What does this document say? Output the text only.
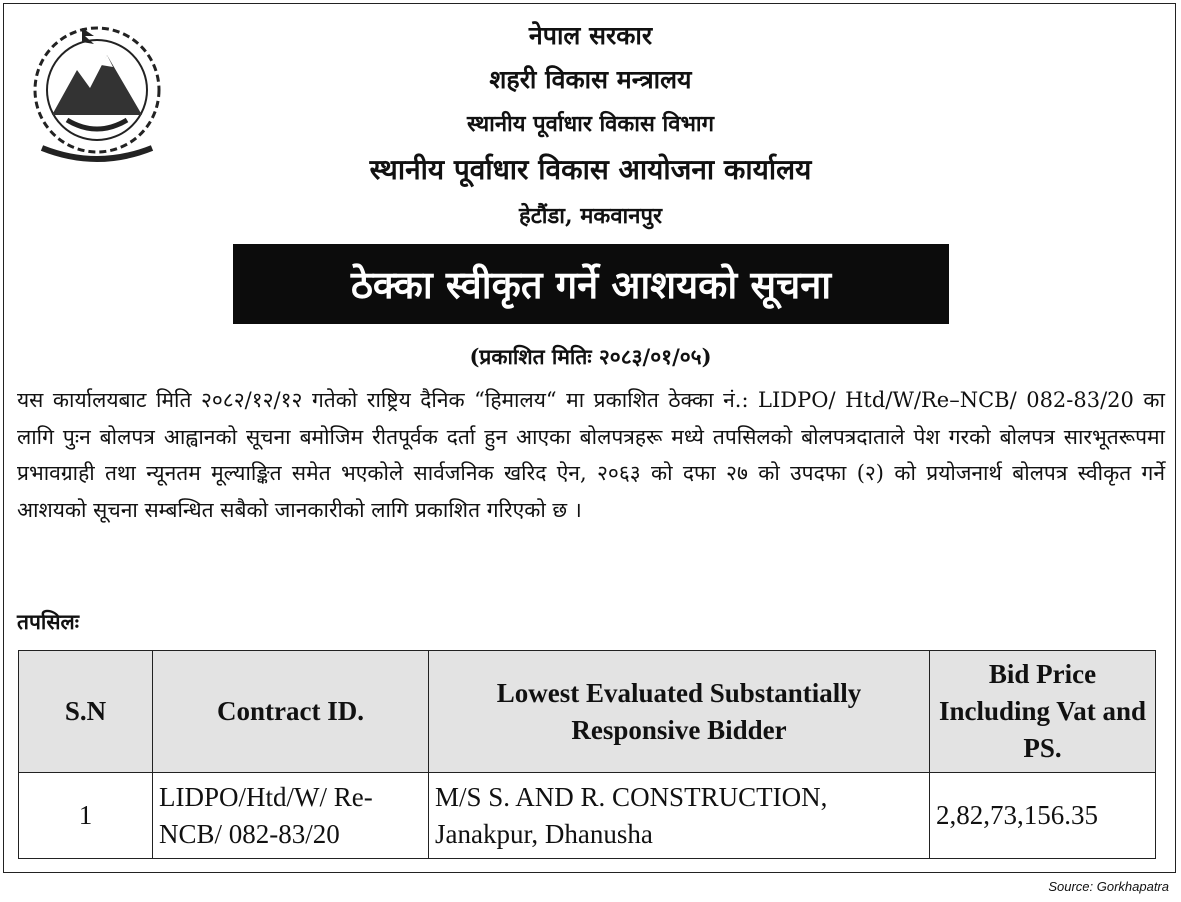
नेपाल सरकार
शहरी विकास मन्त्रालय
स्थानीय पूर्वाधार विकास विभाग
स्थानीय पूर्वाधार विकास आयोजना कार्यालय
हेटौंडा, मकवानपुर
ठेक्का स्वीकृत गर्ने आशयको सूचना
(प्रकाशित मितिः २०८३/०१/०५)

यस कार्यालयबाट मिति २०८२/१२/१२ गतेको राष्ट्रिय दैनिक “हिमालय“ मा प्रकाशित ठेक्का नं.: LIDPO/ Htd/W/Re–NCB/ 082-83/20 का लागि पुःन बोलपत्र आह्वानको सूचना बमोजिम रीतपूर्वक दर्ता हुन आएका बोलपत्रहरू मध्ये तपसिलको बोलपत्रदाताले पेश गरको बोलपत्र सारभूतरूपमा प्रभावग्राही तथा न्यूनतम मूल्याङ्कित समेत भएकोले सार्वजनिक खरिद ऐन, २०६३ को दफा २७ को उपदफा (२) को प्रयोजनार्थ बोलपत्र स्वीकृत गर्ने आशयको सूचना सम्बन्धित सबैको जानकारीको लागि प्रकाशित गरिएको छ ।

तपसिलः
S.N	Contract ID.	Lowest Evaluated Substantially Responsive Bidder	Bid Price Including Vat and PS.
1	LIDPO/Htd/W/ Re-NCB/ 082-83/20	M/S S. AND R. CONSTRUCTION, Janakpur, Dhanusha	2,82,73,156.35
Source: Gorkhapatra
